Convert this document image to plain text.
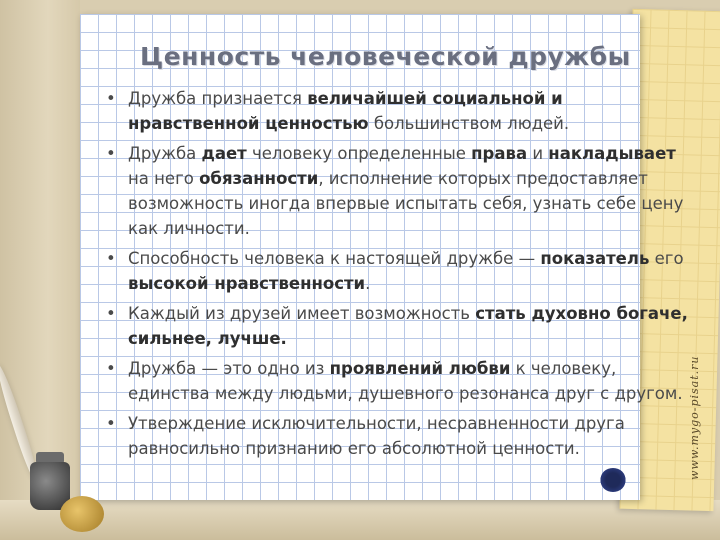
www.mygo-pisat.ru
Ценность человеческой дружбы
• Дружба признается величайшей социальной и нравственной ценностью большинством людей.
• Дружба дает человеку определенные права и накладывает на него обязанности, исполнение которых предоставляет возможность иногда впервые испытать себя, узнать себе цену как личности.
• Способность человека к настоящей дружбе — показатель его высокой нравственности.
• Каждый из друзей имеет возможность стать духовно богаче, сильнее, лучше.
• Дружба — это одно из проявлений любви к человеку, единства между людьми, душевного резонанса друг с другом.
• Утверждение исключительности, несравненности друга равносильно признанию его абсолютной ценности.
